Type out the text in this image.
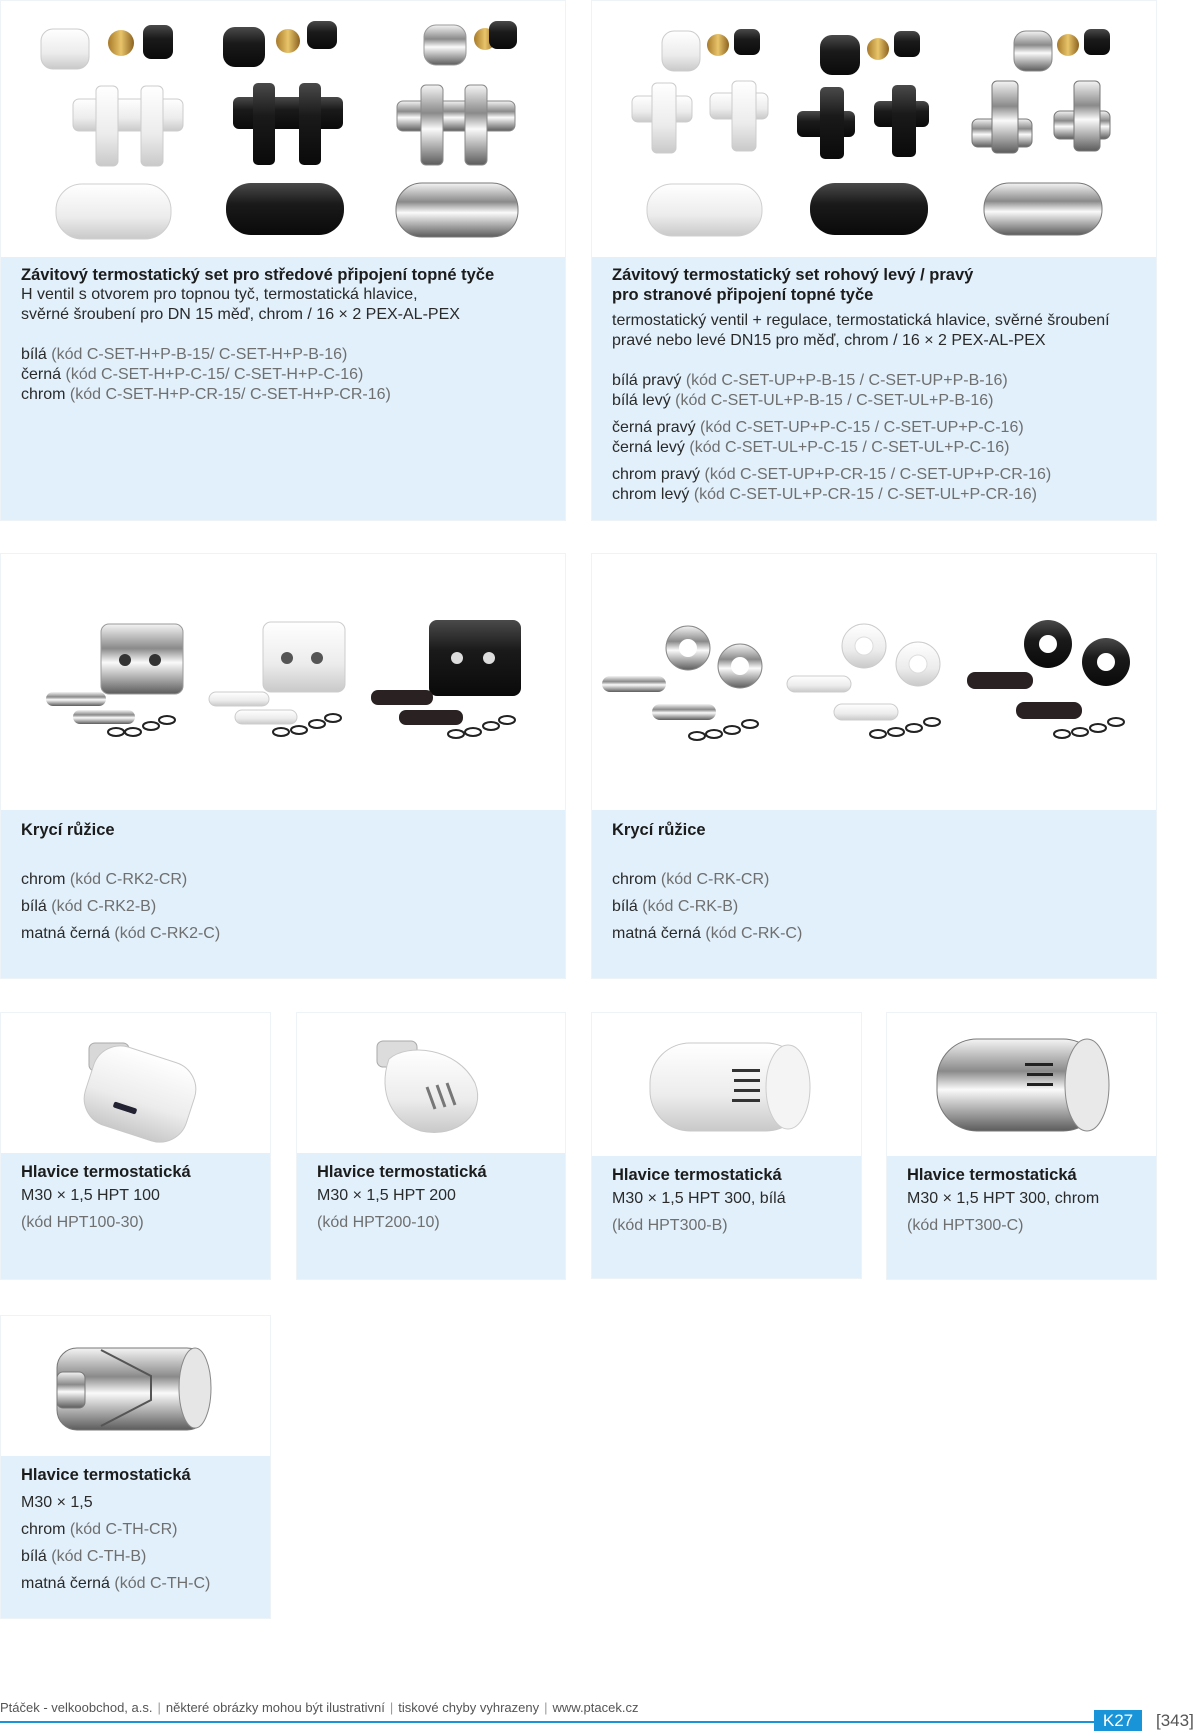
Závitový termostatický set pro středové připojení topné tyče
H ventil s otvorem pro topnou tyč, termostatická hlavice,
svěrné šroubení pro DN 15 měď, chrom / 16 × 2 PEX-AL-PEX
bílá (kód C-SET-H+P-B-15/ C-SET-H+P-B-16)
černá (kód C-SET-H+P-C-15/ C-SET-H+P-C-16)
chrom (kód C-SET-H+P-CR-15/ C-SET-H+P-CR-16)
Závitový termostatický set rohový levý / pravý
pro stranové připojení topné tyče
termostatický ventil + regulace, termostatická hlavice, svěrné šroubení
pravé nebo levé DN15 pro měď, chrom / 16 × 2 PEX-AL-PEX
bílá pravý (kód C-SET-UP+P-B-15 / C-SET-UP+P-B-16)
bílá levý (kód C-SET-UL+P-B-15 / C-SET-UL+P-B-16)
černá pravý (kód C-SET-UP+P-C-15 / C-SET-UP+P-C-16)
černá levý (kód C-SET-UL+P-C-15 / C-SET-UL+P-C-16)
chrom pravý (kód C-SET-UP+P-CR-15 / C-SET-UP+P-CR-16)
chrom levý (kód C-SET-UL+P-CR-15 / C-SET-UL+P-CR-16)
Krycí růžice
chrom (kód C-RK2-CR)
bílá (kód C-RK2-B)
matná černá (kód C-RK2-C)
Krycí růžice
chrom (kód C-RK-CR)
bílá (kód C-RK-B)
matná černá (kód C-RK-C)
Hlavice termostatická
M30 × 1,5 HPT 100
(kód HPT100-30)
Hlavice termostatická
M30 × 1,5 HPT 200
(kód HPT200-10)
Hlavice termostatická
M30 × 1,5 HPT 300, bílá
(kód HPT300-B)
Hlavice termostatická
M30 × 1,5 HPT 300, chrom
(kód HPT300-C)
Hlavice termostatická
M30 × 1,5
chrom (kód C-TH-CR)
bílá (kód C-TH-B)
matná černá (kód C-TH-C)
Ptáček - velkoobchod, a.s. | některé obrázky mohou být ilustrativní | tiskové chyby vyhrazeny | www.ptacek.cz
K27	[343]
